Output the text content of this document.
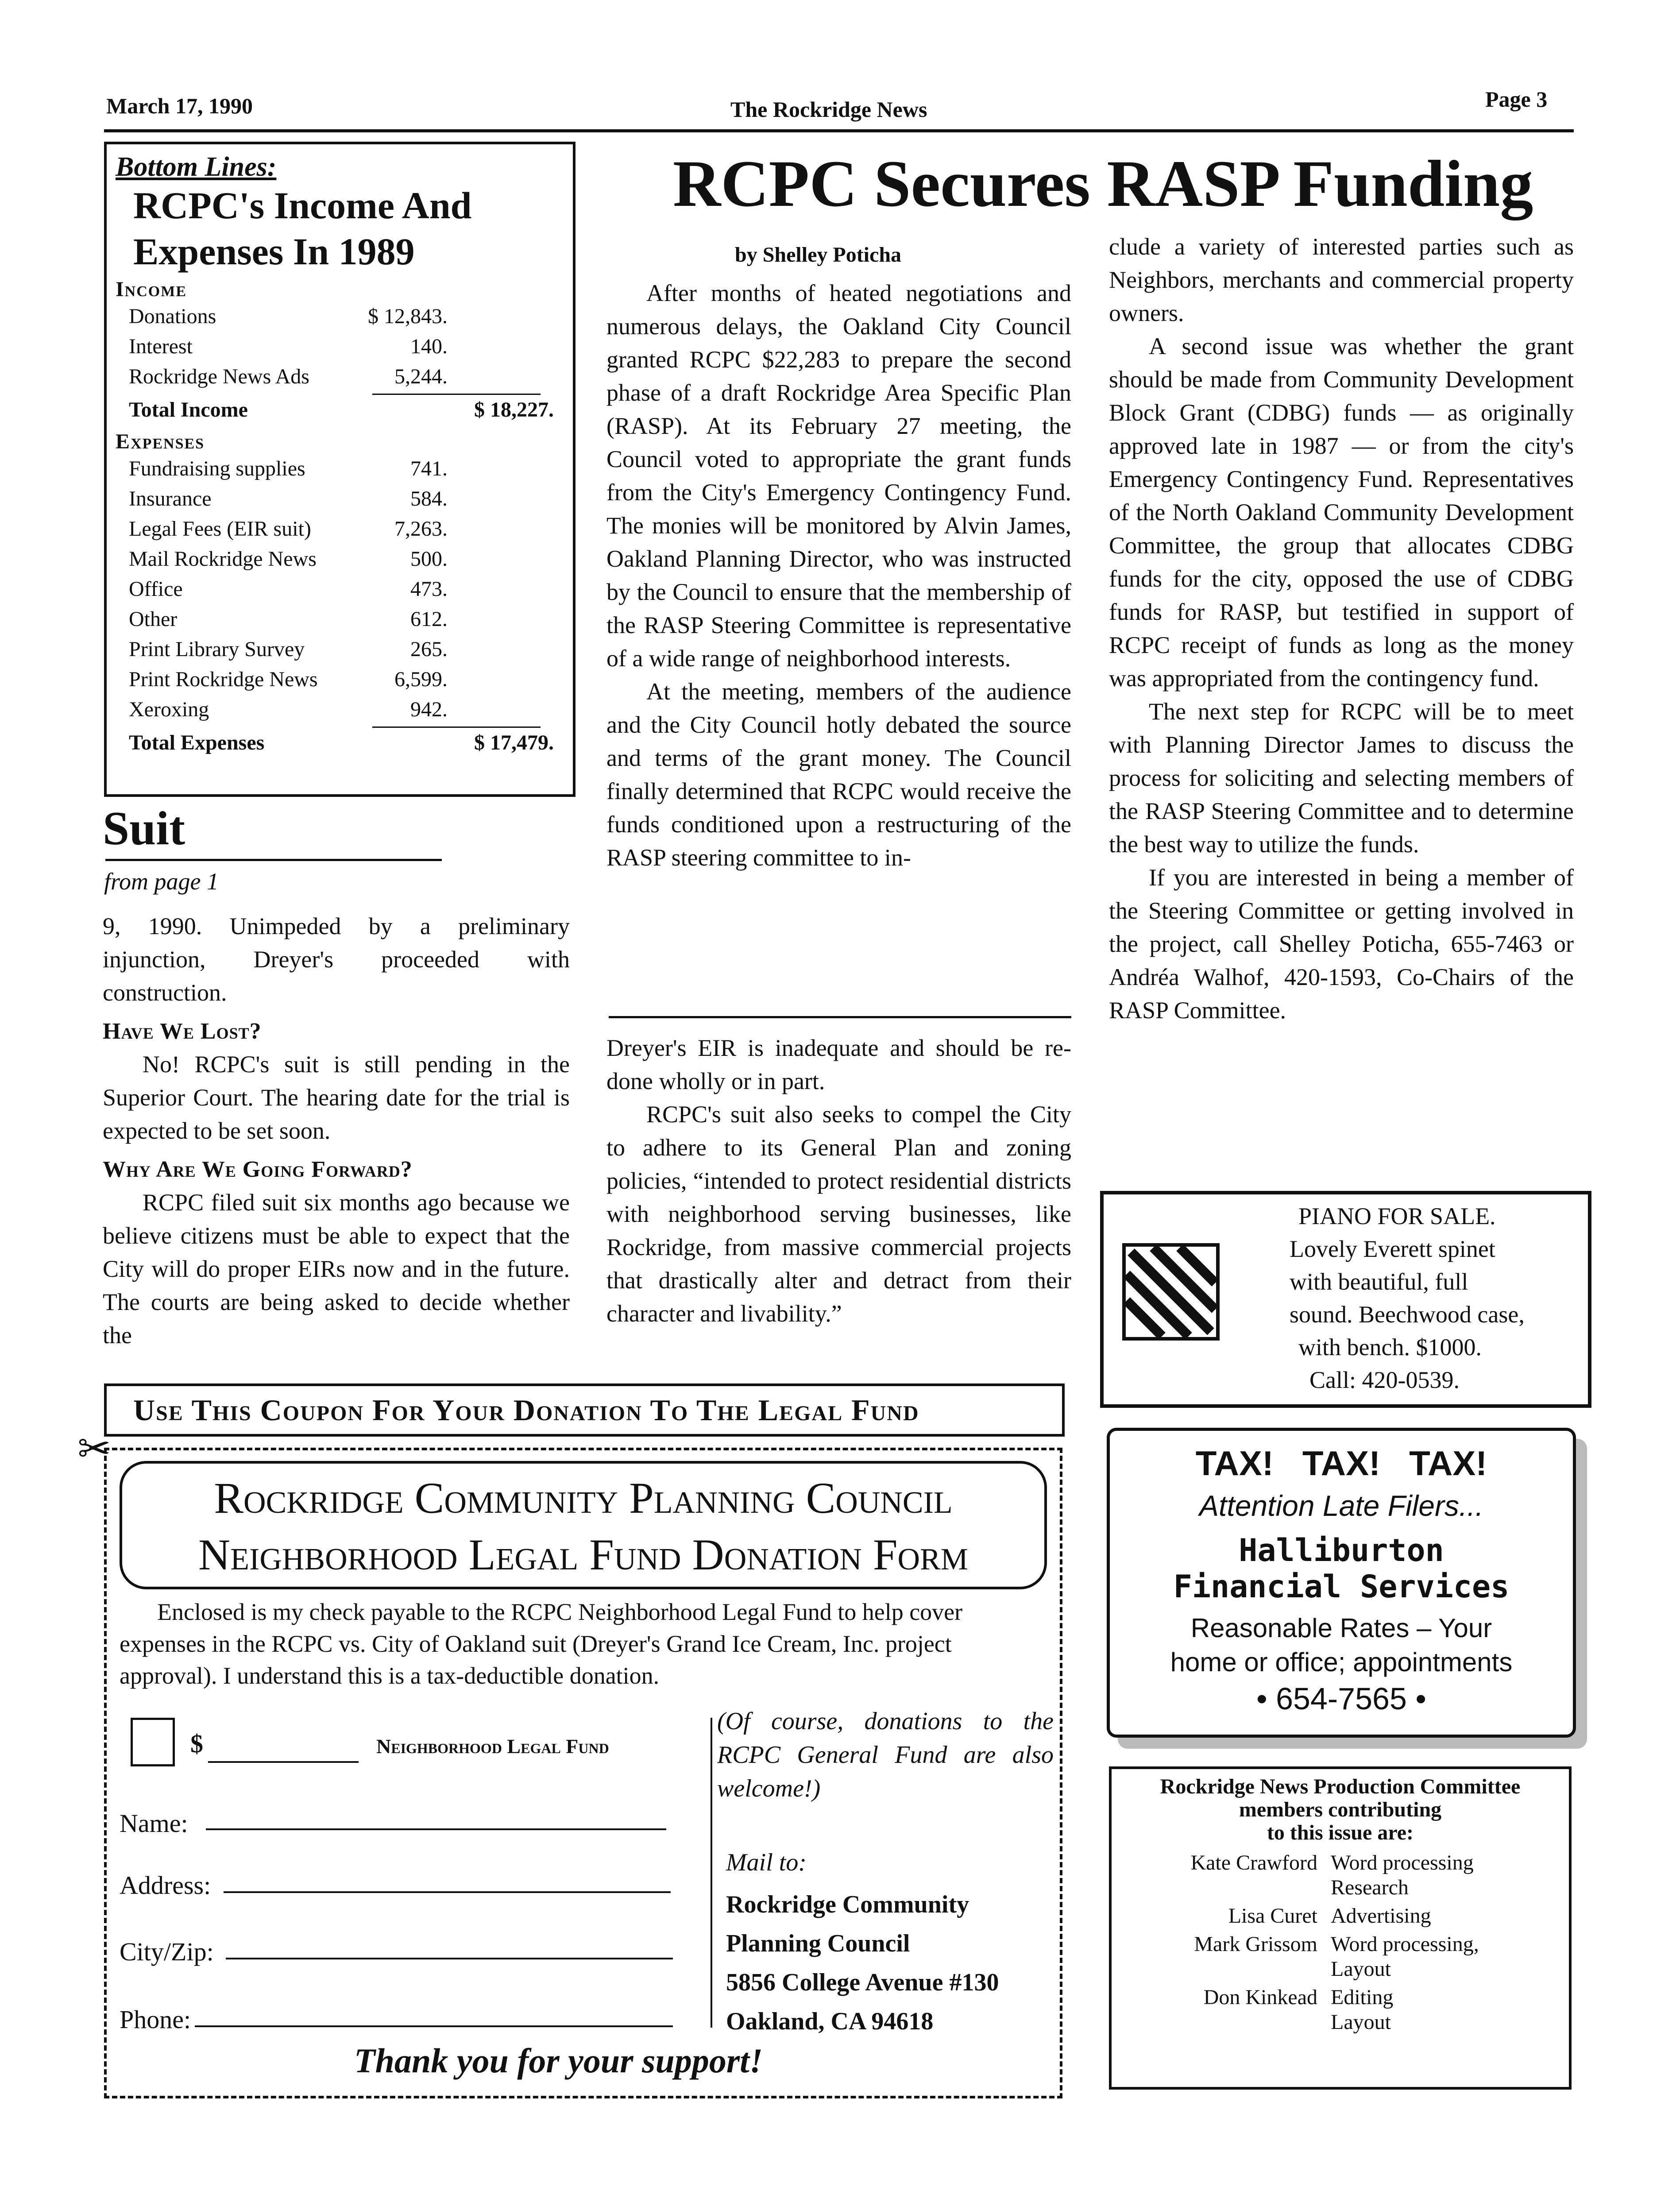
March 17, 1990	The Rockridge News	Page 3
Bottom Lines:
RCPC's Income And
Expenses In 1989
Income
Donations	$ 12,843.
Interest	140.
Rockridge News Ads	5,244.
Total Income	$ 18,227.
Expenses
Fundraising supplies	741.
Insurance	584.
Legal Fees (EIR suit)	7,263.
Mail Rockridge News	500.
Office	473.
Other	612.
Print Library Survey	265.
Print Rockridge News	6,599.
Xeroxing	942.
Total Expenses	$ 17,479.
Suit
from page 1

9, 1990. Unimpeded by a preliminary injunction, Dreyer's proceeded with construction.

Have We Lost?

No! RCPC's suit is still pending in the Superior Court. The hearing date for the trial is expected to be set soon.

Why Are We Going Forward?

RCPC filed suit six months ago because we believe citizens must be able to expect that the City will do proper EIRs now and in the future. The courts are being asked to decide whether the

RCPC Secures RASP Funding
by Shelley Poticha

After months of heated negotiations and numerous delays, the Oakland City Council granted RCPC $22,283 to prepare the second phase of a draft Rockridge Area Specific Plan (RASP). At its February 27 meeting, the Council voted to appropriate the grant funds from the City's Emergency Contingency Fund. The monies will be monitored by Alvin James, Oakland Planning Director, who was instructed by the Council to ensure that the membership of the RASP Steering Committee is representative of a wide range of neighborhood interests.

At the meeting, members of the audience and the City Council hotly debated the source and terms of the grant money. The Council finally determined that RCPC would receive the funds conditioned upon a restructuring of the RASP steering committee to in-

Dreyer's EIR is inadequate and should be re-done wholly or in part.

RCPC's suit also seeks to compel the City to adhere to its General Plan and zoning policies, “intended to protect residential districts with neighborhood serving businesses, like Rockridge, from massive commercial projects that drastically alter and detract from their character and livability.”

clude a variety of interested parties such as Neighbors, merchants and commercial property owners.

A second issue was whether the grant should be made from Community Development Block Grant (CDBG) funds — as originally approved late in 1987 — or from the city's Emergency Contingency Fund. Representatives of the North Oakland Community Development Committee, the group that allocates CDBG funds for the city, opposed the use of CDBG funds for RASP, but testified in support of RCPC receipt of funds as long as the money was appropriated from the contingency fund.

The next step for RCPC will be to meet with Planning Director James to discuss the process for soliciting and selecting members of the RASP Steering Committee and to determine the best way to utilize the funds.

If you are interested in being a member of the Steering Committee or getting involved in the project, call Shelley Poticha, 655-7463 or Andréa Walhof, 420-1593, Co-Chairs of the RASP Committee.

PIANO FOR SALE.
Lovely Everett spinet
with beautiful, full
sound. Beechwood case,
with bench. $1000.
Call: 420-0539.
TAX!   TAX!   TAX!
Attention Late Filers...
Halliburton
Financial Services
Reasonable Rates – Your
home or office; appointments
• 654-7565 •
Rockridge News Production Committee
members contributing
to this issue are:
Kate Crawford Word processing
Research
Lisa Curet Advertising
Mark Grissom Word processing,
Layout
Don Kinkead Editing
Layout
Use This Coupon For Your Donation To The Legal Fund
✂
Rockridge Community Planning Council
Neighborhood Legal Fund Donation Form
Enclosed is my check payable to the RCPC Neighborhood Legal Fund to help cover expenses in the RCPC vs. City of Oakland suit (Dreyer's Grand Ice Cream, Inc. project approval). I understand this is a tax-deductible donation.
$	Neighborhood Legal Fund
(Of course, donations to the RCPC General Fund are also welcome!)
Name:
Address:
City/Zip:
Phone:
Mail to:
Rockridge Community
Planning Council
5856 College Avenue #130
Oakland, CA 94618
Thank you for your support!
